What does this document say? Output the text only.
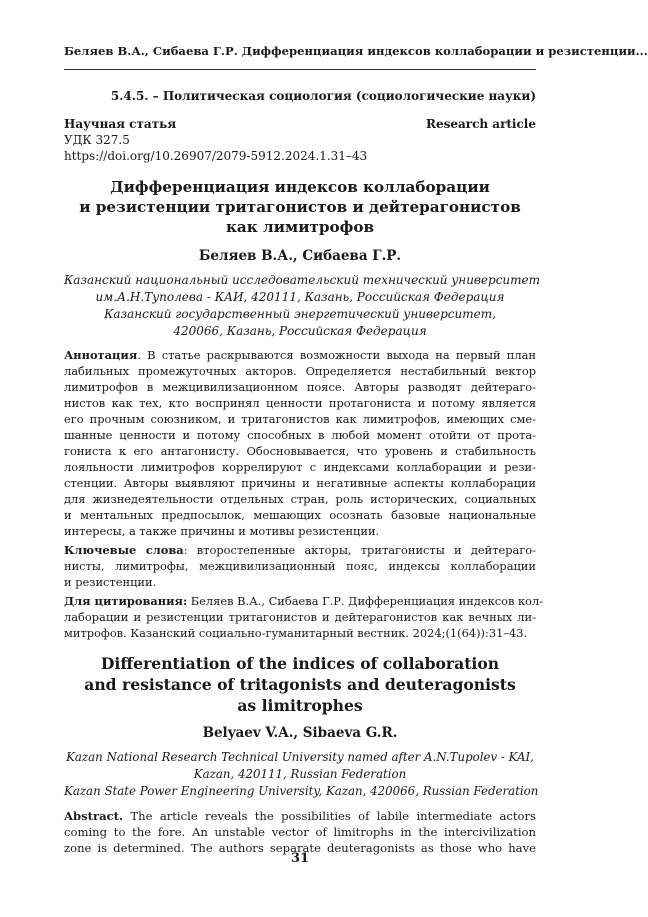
Беляев В.А., Сибаева Г.Р. Дифференциация индексов коллаборации и резистенции...
5.4.5. – Политическая социология (социологические науки)
Научная статья	Research article
УДК 327.5
https://doi.org/10.26907/2079-5912.2024.1.31–43
Дифференциация индексов коллаборации
и резистенции тритагонистов и дейтерагонистов
как лимитрофов
Беляев В.А., Сибаева Г.Р.
Казанский национальный исследовательский технический университет
им.А.Н.Туполева - КАИ, 420111, Казань, Российская Федерация
Казанский государственный энергетический университет,
420066, Казань, Российская Федерация
Аннотация. В статье раскрываются возможности выхода на первый план
лабильных промежуточных акторов. Определяется нестабильный вектор
лимитрофов в межцивилизационном поясе. Авторы разводят дейтераго-
нистов как тех, кто воспринял ценности протагониста и потому является
его прочным союзником, и тритагонистов как лимитрофов, имеющих сме-
шанные ценности и потому способных в любой момент отойти от прота-
гониста к его антагонисту. Обосновывается, что уровень и стабильность
лояльности лимитрофов коррелируют с индексами коллаборации и рези-
стенции. Авторы выявляют причины и негативные аспекты коллаборации
для жизнедеятельности отдельных стран, роль исторических, социальных
и ментальных предпосылок, мешающих осознать базовые национальные
интересы, а также причины и мотивы резистенции.
Ключевые слова: второстепенные акторы, тритагонисты и дейтераго-
нисты, лимитрофы, межцивилизационный пояс, индексы коллаборации
и резистенции.
Для цитирования: Беляев В.А., Сибаева Г.Р. Дифференциация индексов кол-
лаборации и резистенции тритагонистов и дейтерагонистов как вечных ли-
митрофов. Казанский социально-гуманитарный вестник. 2024;(1(64)):31–43.
Differentiation of the indices of collaboration
and resistance of tritagonists and deuteragonists
as limitrophes
Belyaev V.A., Sibaeva G.R.
Kazan National Research Technical University named after A.N.Tupolev - KAI,
Kazan, 420111, Russian Federation
Kazan State Power Engineering University, Kazan, 420066, Russian Federation
Abstract. The article reveals the possibilities of labile intermediate actors
coming to the fore. An unstable vector of limitrophs in the intercivilization
zone is determined. The authors separate deuteragonists as those who have
31
